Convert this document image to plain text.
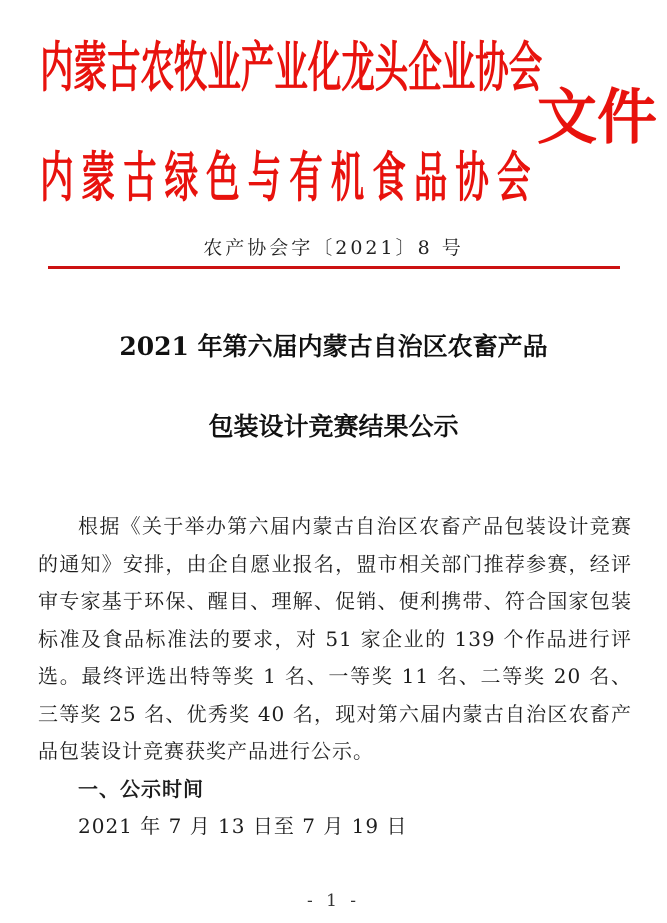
内蒙古农牧业产业化龙头企业协会
内蒙古绿色与有机食品协会
文件
农产协会字〔2021〕8 号
2021 年第六届内蒙古自治区农畜产品
包装设计竞赛结果公示

根据《关于举办第六届内蒙古自治区农畜产品包装设计竞赛的通知》安排，由企自愿业报名，盟市相关部门推荐参赛，经评审专家基于环保、醒目、理解、促销、便利携带、符合国家包装标准及食品标准法的要求，对 51 家企业的 139 个作品进行评选。最终评选出特等奖 1 名、一等奖 11 名、二等奖 20 名、三等奖 25 名、优秀奖 40 名，现对第六届内蒙古自治区农畜产品包装设计竞赛获奖产品进行公示。

一、公示时间

2021 年 7 月 13 日至 7 月 19 日

- 1 -
